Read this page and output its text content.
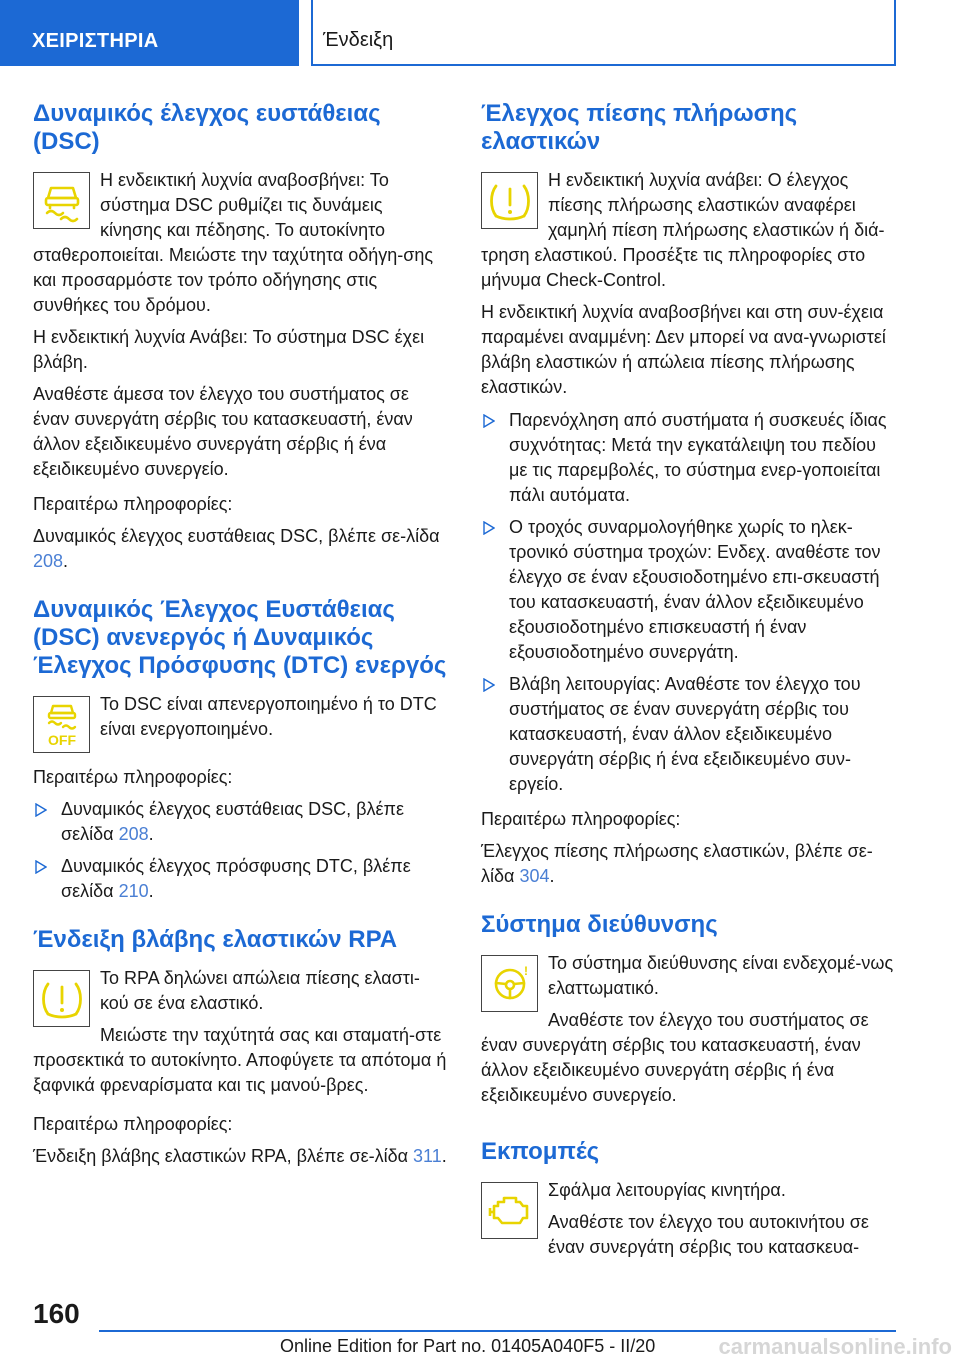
ΧΕΙΡΙΣΤΗΡΙΑ	Ένδειξη
Δυναμικός έλεγχος ευστάθειας (DSC)

Η ενδεικτική λυχνία αναβοσβήνει: Το σύστημα DSC ρυθμίζει τις δυνάμεις κίνησης και πέδησης. Το αυτοκίνητο σταθεροποιείται. Μειώστε την ταχύτητα οδήγη-σης και προσαρμόστε τον τρόπο οδήγησης στις συνθήκες του δρόμου.

Η ενδεικτική λυχνία Ανάβει: Το σύστημα DSC έχει βλάβη.

Αναθέστε άμεσα τον έλεγχο του συστήματος σε έναν συνεργάτη σέρβις του κατασκευαστή, έναν άλλον εξειδικευμένο συνεργάτη σέρβις ή ένα εξειδικευμένο συνεργείο.

Περαιτέρω πληροφορίες:

Δυναμικός έλεγχος ευστάθειας DSC, βλέπε σε-λίδα 208.

Δυναμικός Έλεγχος Ευστάθειας (DSC) ανενεργός ή Δυναμικός Έλεγχος Πρόσφυσης (DTC) ενεργός
OFF

Το DSC είναι απενεργοποιημένο ή το DTC είναι ενεργοποιημένο.

Περαιτέρω πληροφορίες:

Δυναμικός έλεγχος ευστάθειας DSC, βλέπε σελίδα 208.
Δυναμικός έλεγχος πρόσφυσης DTC, βλέπε σελίδα 210.
Ένδειξη βλάβης ελαστικών RPA

Το RPA δηλώνει απώλεια πίεσης ελαστι-κού σε ένα ελαστικό.

Μειώστε την ταχύτητά σας και σταματή-στε προσεκτικά το αυτοκίνητο. Αποφύγετε τα απότομα ή ξαφνικά φρεναρίσματα και τις μανού-βρες.

Περαιτέρω πληροφορίες:

Ένδειξη βλάβης ελαστικών RPA, βλέπε σε-λίδα 311.

Έλεγχος πίεσης πλήρωσης ελαστικών

Η ενδεικτική λυχνία ανάβει: Ο έλεγχος πίεσης πλήρωσης ελαστικών αναφέρει χαμηλή πίεση πλήρωσης ελαστικών ή διά-τρηση ελαστικού. Προσέξτε τις πληροφορίες στο μήνυμα Check-Control.

Η ενδεικτική λυχνία αναβοσβήνει και στη συν-έχεια παραμένει αναμμένη: Δεν μπορεί να ανα-γνωριστεί βλάβη ελαστικών ή απώλεια πίεσης πλήρωσης ελαστικών.

Παρενόχληση από συστήματα ή συσκευές ίδιας συχνότητας: Μετά την εγκατάλειψη του πεδίου με τις παρεμβολές, το σύστημα ενερ-γοποιείται πάλι αυτόματα.
Ο τροχός συναρμολογήθηκε χωρίς το ηλεκ-τρονικό σύστημα τροχών: Ενδεχ. αναθέστε τον έλεγχο σε έναν εξουσιοδοτημένο επι-σκευαστή του κατασκευαστή, έναν άλλον εξειδικευμένο εξουσιοδοτημένο επισκευαστή ή έναν εξουσιοδοτημένο συνεργάτη.
Βλάβη λειτουργίας: Αναθέστε τον έλεγχο του συστήματος σε έναν συνεργάτη σέρβις του κατασκευαστή, έναν άλλον εξειδικευμένο συνεργάτη σέρβις ή ένα εξειδικευμένο συν-εργείο.

Περαιτέρω πληροφορίες:

Έλεγχος πίεσης πλήρωσης ελαστικών, βλέπε σε-λίδα 304.

Σύστημα διεύθυνσης
!	Το σύστημα διεύθυνσης είναι ενδεχομέ-νως ελαττωματικό.

Αναθέστε τον έλεγχο του συστήματος σε έναν συνεργάτη σέρβις του κατασκευαστή, έναν άλλον εξειδικευμένο συνεργάτη σέρβις ή ένα εξειδικευμένο συνεργείο.

Εκπομπές

Σφάλμα λειτουργίας κινητήρα.

Αναθέστε τον έλεγχο του αυτοκινήτου σε έναν συνεργάτη σέρβις του κατασκευα-

160
Online Edition for Part no. 01405A040F5 - II/20	carmanualsonline.info
